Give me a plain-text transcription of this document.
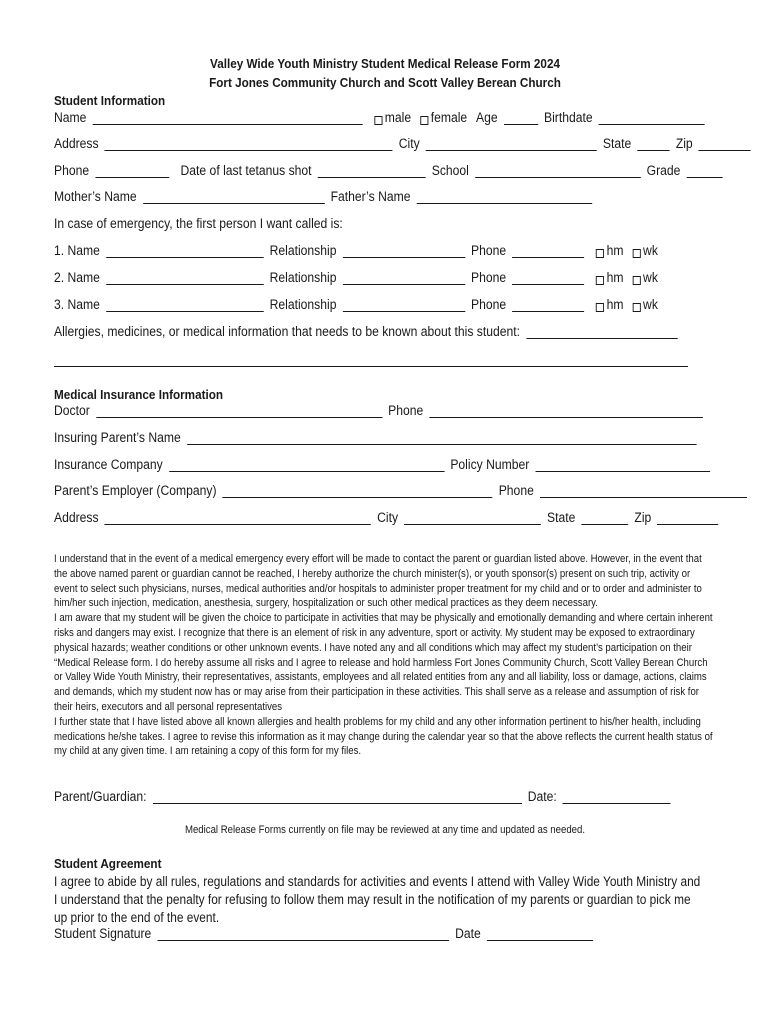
Valley Wide Youth Ministry Student Medical Release Form 2024
Fort Jones Community Church and Scott Valley Berean Church
Student Information
Name	male female Age	Birthdate
Address	City	State	Zip
Phone	Date of last tetanus shot	School	Grade
Mother’s Name	Father’s Name
In case of emergency, the first person I want called is:
1. Name	Relationship	Phone	hm wk
2. Name	Relationship	Phone	hm wk
3. Name	Relationship	Phone	hm wk
Allergies, medicines, or medical information that needs to be known about this student:
Medical Insurance Information
Doctor	Phone
Insuring Parent’s Name
Insurance Company	Policy Number
Parent’s Employer (Company)	Phone
Address	City	State	Zip

I understand that in the event of a medical emergency every effort will be made to contact the parent or guardian listed above. However, in the event that the above named parent or guardian cannot be reached, I hereby authorize the church minister(s), or youth sponsor(s) present on such trip, activity or event to select such physicians, nurses, medical authorities and/or hospitals to administer proper treatment for my child and or to order and administer to him/her such injection, medication, anesthesia, surgery, hospitalization or such other medical practices as they deem necessary.

I am aware that my student will be given the choice to participate in activities that may be physically and emotionally demanding and where certain inherent risks and dangers may exist. I recognize that there is an element of risk in any adventure, sport or activity. My student may be exposed to extraordinary physical hazards; weather conditions or other unknown events. I have noted any and all conditions which may affect my student’s participation on their “Medical Release form. I do hereby assume all risks and I agree to release and hold harmless Fort Jones Community Church, Scott Valley Berean Church or Valley Wide Youth Ministry, their representatives, assistants, employees and all related entities from any and all liability, loss or damage, actions, claims and demands, which my student now has or may arise from their participation in these activities. This shall serve as a release and assumption of risk for their heirs, executors and all personal representatives

I further state that I have listed above all known allergies and health problems for my child and any other information pertinent to his/her health, including medications he/she takes. I agree to revise this information as it may change during the calendar year so that the above reflects the current health status of my child at any given time. I am retaining a copy of this form for my files.

Parent/Guardian:	Date:
Medical Release Forms currently on file may be reviewed at any time and updated as needed.
Student Agreement
I agree to abide by all rules, regulations and standards for activities and events I attend with Valley Wide Youth Ministry and I understand that the penalty for refusing to follow them may result in the notification of my parents or guardian to pick me up prior to the end of the event.
Student Signature	Date
